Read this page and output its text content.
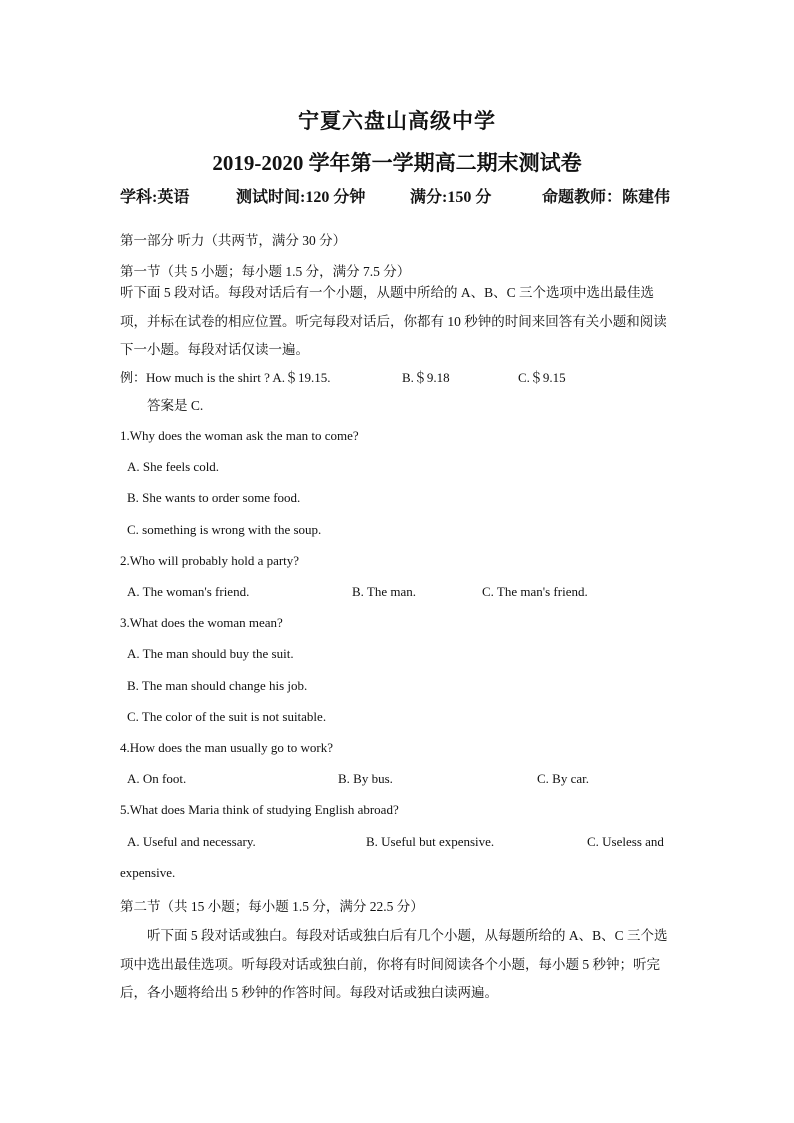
宁夏六盘山高级中学
2019-2020 学年第一学期高二期末测试卷
学科:英语	测试时间:120 分钟	满分:150 分	命题教师：陈建伟
第一部分 听力（共两节，满分 30 分）
第一节（共 5 小题；每小题 1.5 分，满分 7.5 分）
听下面 5 段对话。每段对话后有一个小题，从题中所给的 A、B、C 三个选项中选出最佳选项，并标在试卷的相应位置。听完每段对话后，你都有 10 秒钟的时间来回答有关小题和阅读下一小题。每段对话仅读一遍。
例：How much is the shirt ? A.＄19.15.	B.＄9.18	C.＄9.15
答案是 C.
1.Why does the woman ask the man to come?
A. She feels cold.
B. She wants to order some food.
C. something is wrong with the soup.
2.Who will probably hold a party?
A. The woman's friend.	B. The man.	C. The man's friend.
3.What does the woman mean?
A. The man should buy the suit.
B. The man should change his job.
C. The color of the suit is not suitable.
4.How does the man usually go to work?
A. On foot.	B. By bus.	C. By car.
5.What does Maria think of studying English abroad?
A. Useful and necessary.	B. Useful but expensive.	C. Useless and
expensive.
第二节（共 15 小题；每小题 1.5 分，满分 22.5 分）
听下面 5 段对话或独白。每段对话或独白后有几个小题，从每题所给的 A、B、C 三个选项中选出最佳选项。听每段对话或独白前，你将有时间阅读各个小题，每小题 5 秒钟；听完后，各小题将给出 5 秒钟的作答时间。每段对话或独白读两遍。
